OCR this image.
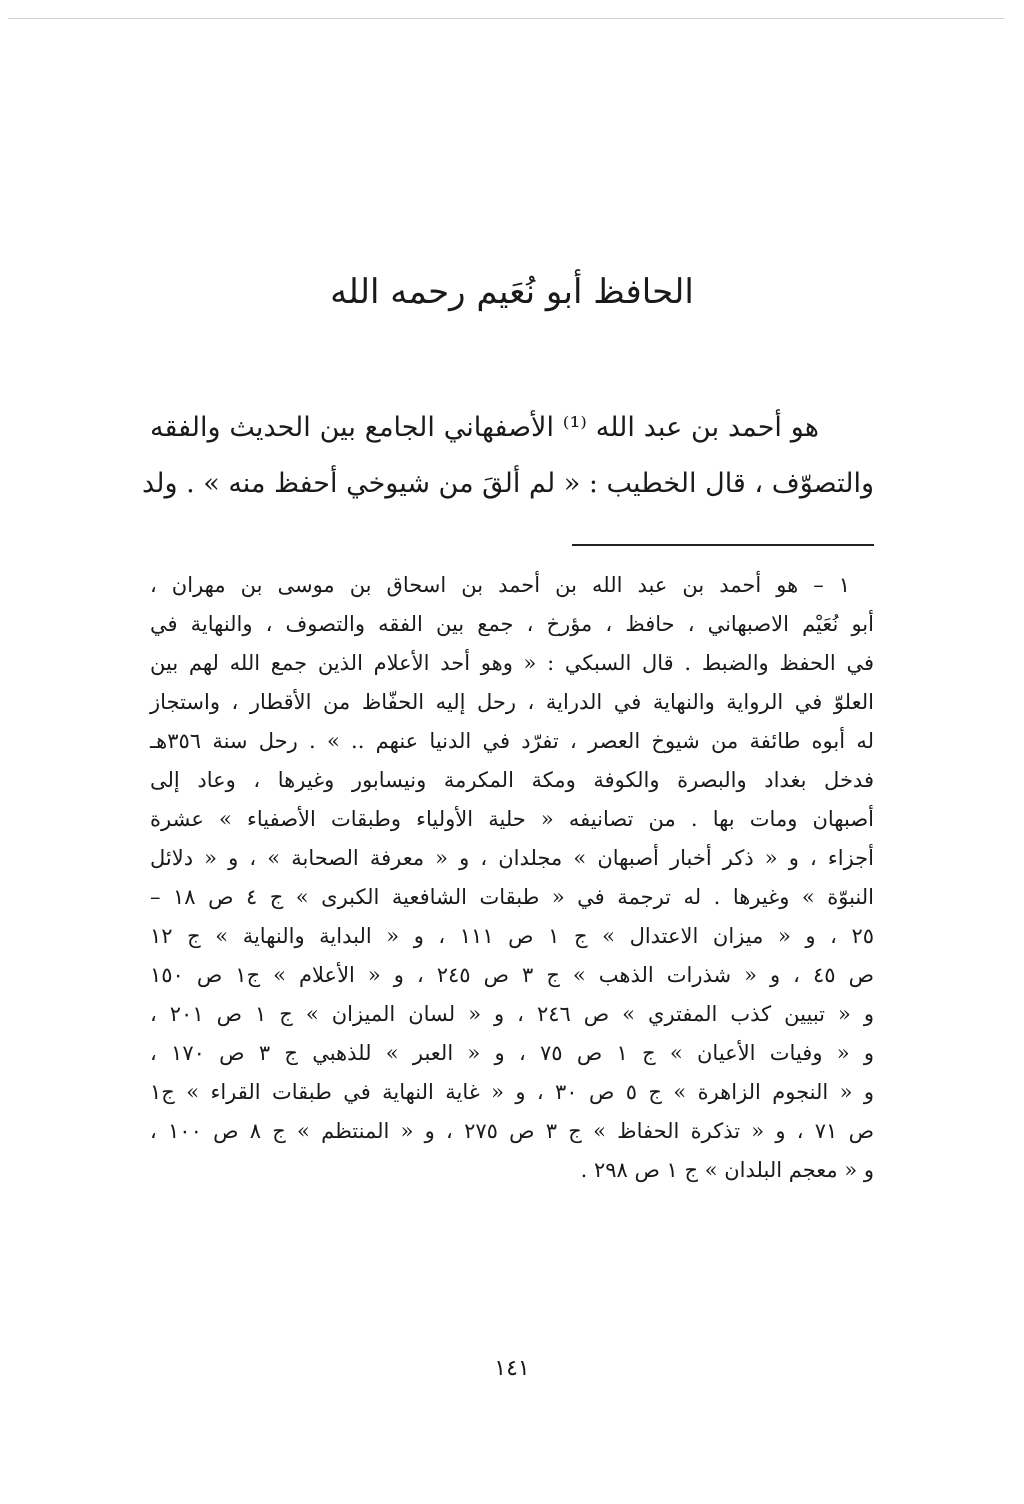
الحافظ أبو نُعَيم رحمه الله
هو أحمد بن عبد الله ⁽¹⁾ الأصفهاني الجامع بين الحديث والفقه
والتصوّف ، قال الخطيب : « لم ألقَ من شيوخي أحفظ منه » . ولد
١ – هو أحمد بن عبد الله بن أحمد بن اسحاق بن موسى بن مهران ،
أبو نُعَيْم الاصبهاني ، حافظ ، مؤرخ ، جمع بين الفقه والتصوف ، والنهاية في
في الحفظ والضبط . قال السبكي : « وهو أحد الأعلام الذين جمع الله لهم بين
العلوّ في الرواية والنهاية في الدراية ، رحل إليه الحفّاظ من الأقطار ، واستجاز
له أبوه طائفة من شيوخ العصر ، تفرّد في الدنيا عنهم .. » . رحل سنة ٣٥٦هـ
فدخل بغداد والبصرة والكوفة ومكة المكرمة ونيسابور وغيرها ، وعاد إلى
أصبهان ومات بها . من تصانيفه « حلية الأولياء وطبقات الأصفياء » عشرة
أجزاء ، و « ذكر أخبار أصبهان » مجلدان ، و « معرفة الصحابة » ، و « دلائل
النبوّة » وغيرها . له ترجمة في « طبقات الشافعية الكبرى » ج ٤ ص ١٨ –
٢٥ ، و « ميزان الاعتدال » ج ١ ص ١١١ ، و « البداية والنهاية » ج ١٢
ص ٤٥ ، و « شذرات الذهب » ج ٣ ص ٢٤٥ ، و « الأعلام » ج١ ص ١٥٠
و « تبيين كذب المفتري » ص ٢٤٦ ، و « لسان الميزان » ج ١ ص ٢٠١ ،
و « وفيات الأعيان » ج ١ ص ٧٥ ، و « العبر » للذهبي ج ٣ ص ١٧٠ ،
و « النجوم الزاهرة » ج ٥ ص ٣٠ ، و « غاية النهاية في طبقات القراء » ج١
ص ٧١ ، و « تذكرة الحفاظ » ج ٣ ص ٢٧٥ ، و « المنتظم » ج ٨ ص ١٠٠ ،
و « معجم البلدان » ج ١ ص ٢٩٨ .
١٤١
